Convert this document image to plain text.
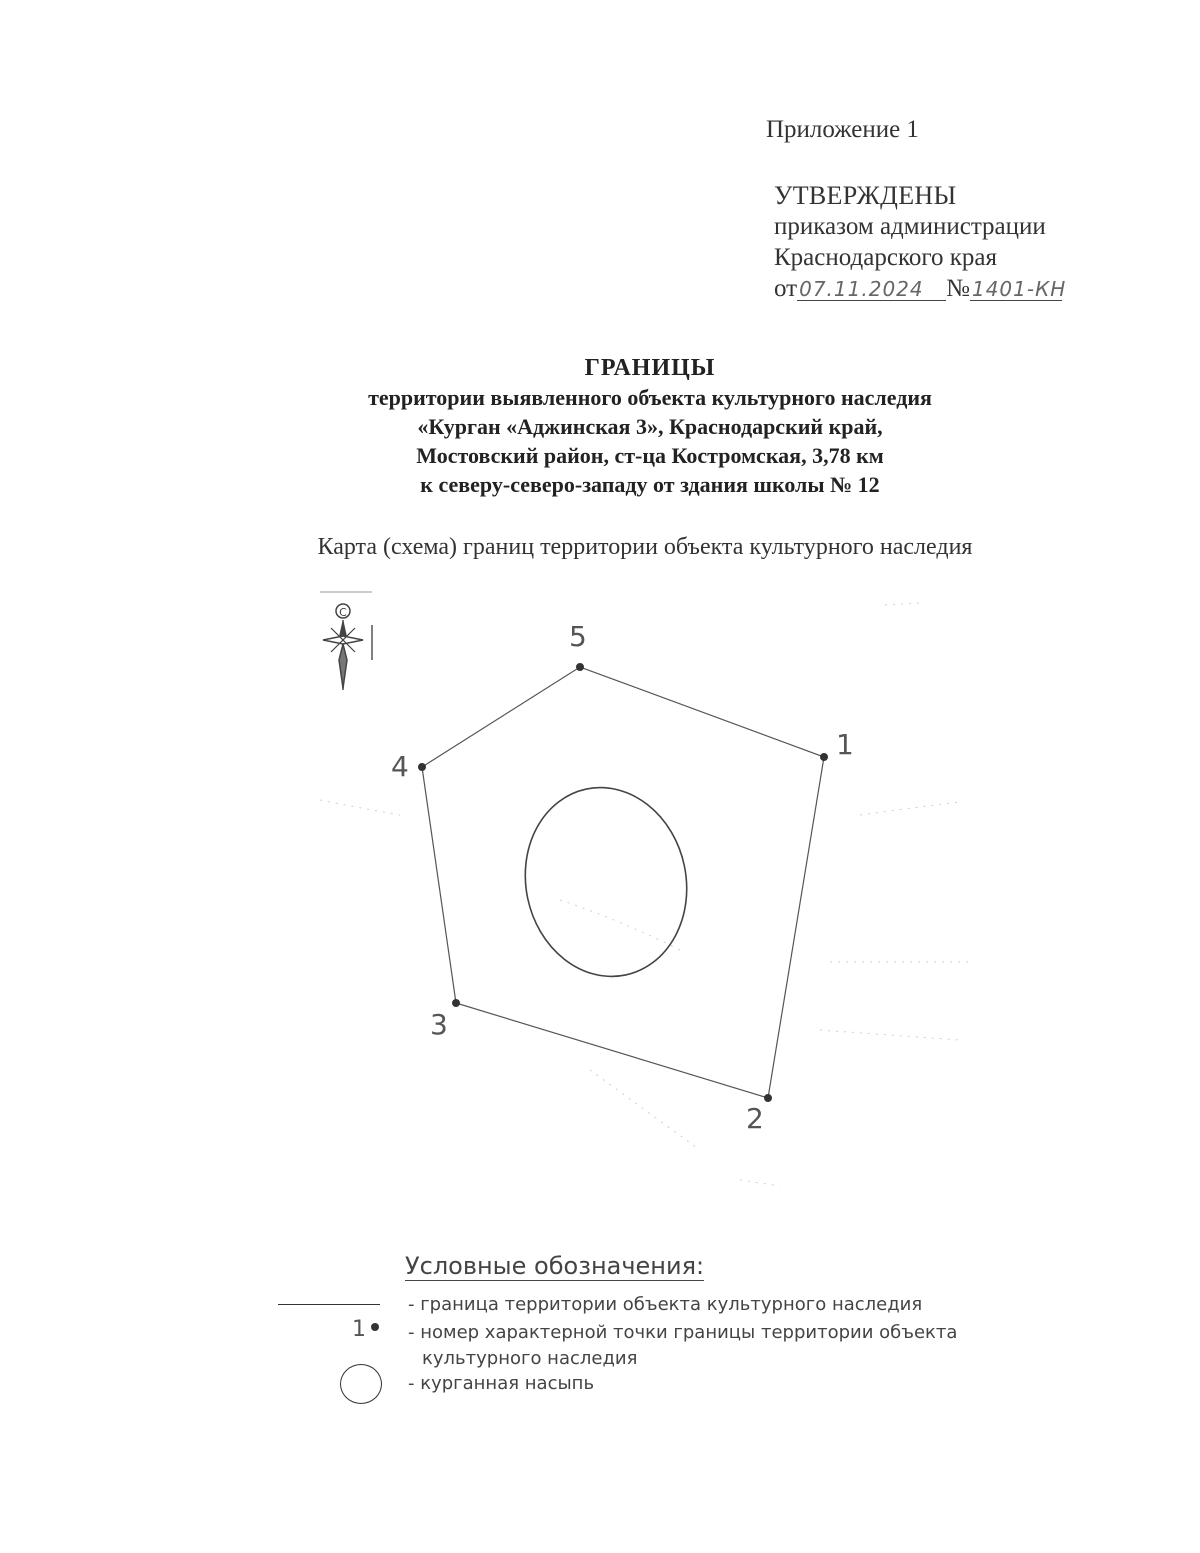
Приложение 1
УТВЕРЖДЕНЫ
приказом администрации
Краснодарского края
от 07.11.2024 № 1401-КН
ГРАНИЦЫ
территории выявленного объекта культурного наследия
«Курган «Аджинская 3», Краснодарский край,
Мостовский район, ст-ца Костромская, 3,78 км
к северу-северо-западу от здания школы № 12
Карта (схема) границ территории объекта культурного наследия
С
1
2
3
4
5
Условные обозначения:
- граница территории объекта культурного наследия
1 - номер характерной точки границы территории объекта
культурного наследия
- курганная насыпь
